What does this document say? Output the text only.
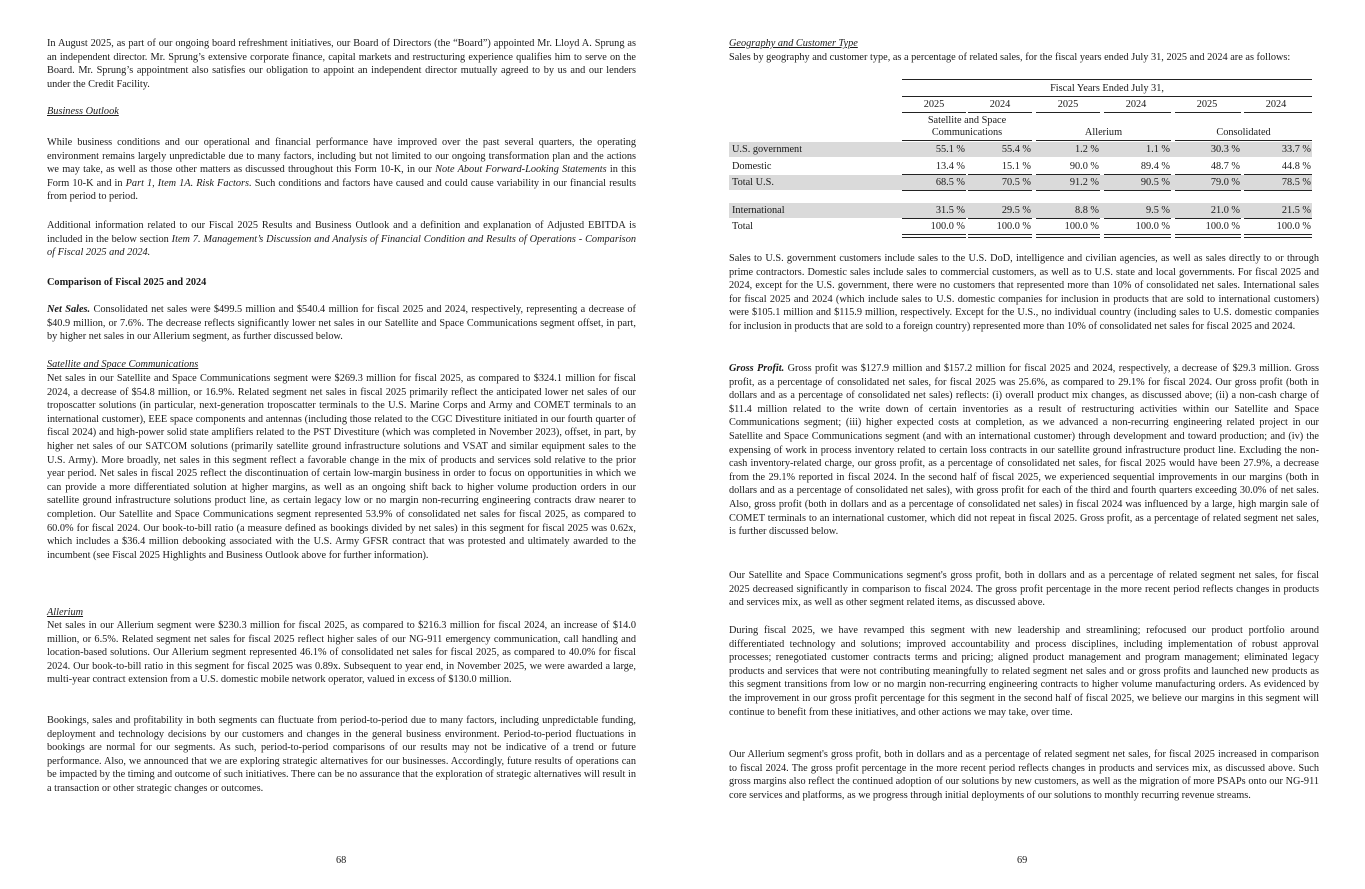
In August 2025, as part of our ongoing board refreshment initiatives, our Board of Directors (the “Board”) appointed Mr. Lloyd A. Sprung as an independent director. Mr. Sprung’s extensive corporate finance, capital markets and restructuring experience qualifies him to serve on the Board. Mr. Sprung’s appointment also satisfies our obligation to appoint an independent director mutually agreed to by us and our lenders under the Credit Facility.

Business Outlook

While business conditions and our operational and financial performance have improved over the past several quarters, the operating environment remains largely unpredictable due to many factors, including but not limited to our ongoing transformation plan and the actions we may take, as well as those other matters as discussed throughout this Form 10-K, in our Note About Forward-Looking Statements in this Form 10-K and in Part 1, Item 1A. Risk Factors. Such conditions and factors have caused and could cause variability in our financial results from period to period.

Additional information related to our Fiscal 2025 Results and Business Outlook and a definition and explanation of Adjusted EBITDA is included in the below section Item 7. Management’s Discussion and Analysis of Financial Condition and Results of Operations - Comparison of Fiscal 2025 and 2024.

Comparison of Fiscal 2025 and 2024

Net Sales. Consolidated net sales were $499.5 million and $540.4 million for fiscal 2025 and 2024, respectively, representing a decrease of $40.9 million, or 7.6%. The decrease reflects significantly lower net sales in our Satellite and Space Communications segment offset, in part, by higher net sales in our Allerium segment, as further discussed below.

Satellite and Space Communications

Net sales in our Satellite and Space Communications segment were $269.3 million for fiscal 2025, as compared to $324.1 million for fiscal 2024, a decrease of $54.8 million, or 16.9%. Related segment net sales in fiscal 2025 primarily reflect the anticipated lower net sales of our troposcatter solutions (in particular, next-generation troposcatter terminals to the U.S. Marine Corps and Army and COMET terminals to an international customer), EEE space components and antennas (including those related to the CGC Divestiture initiated in our fourth quarter of fiscal 2024) and high-power solid state amplifiers related to the PST Divestiture (which was completed in November 2023), offset, in part, by higher net sales of our SATCOM solutions (primarily satellite ground infrastructure solutions and VSAT and similar equipment sales to the U.S. Army). More broadly, net sales in this segment reflect a favorable change in the mix of products and services sold relative to the prior year period. Net sales in fiscal 2025 reflect the discontinuation of certain low-margin business in order to focus on opportunities in which we can provide a more differentiated solution at higher margins, as well as an ongoing shift back to higher volume production orders in our satellite ground infrastructure solutions product line, as certain legacy low or no margin non-recurring engineering contracts draw nearer to completion. Our Satellite and Space Communications segment represented 53.9% of consolidated net sales for fiscal 2025, as compared to 60.0% for fiscal 2024. Our book-to-bill ratio (a measure defined as bookings divided by net sales) in this segment for fiscal 2025 was 0.62x, which includes a $36.4 million debooking associated with the U.S. Army GFSR contract that was protested and ultimately awarded to the incumbent (see Fiscal 2025 Highlights and Business Outlook above for further information).

Allerium

Net sales in our Allerium segment were $230.3 million for fiscal 2025, as compared to $216.3 million for fiscal 2024, an increase of $14.0 million, or 6.5%. Related segment net sales for fiscal 2025 reflect higher sales of our NG-911 emergency communication, call handling and location-based solutions. Our Allerium segment represented 46.1% of consolidated net sales for fiscal 2025, as compared to 40.0% for fiscal 2024. Our book-to-bill ratio in this segment for fiscal 2025 was 0.89x. Subsequent to year end, in November 2025, we were awarded a large, multi-year contract extension from a U.S. domestic mobile network operator, valued in excess of $130.0 million.

Bookings, sales and profitability in both segments can fluctuate from period-to-period due to many factors, including unpredictable funding, deployment and technology decisions by our customers and changes in the general business environment. Period-to-period fluctuations in bookings are normal for our segments. As such, period-to-period comparisons of our results may not be indicative of a trend or future performance. Also, we announced that we are exploring strategic alternatives for our businesses. Accordingly, future results of operations can be impacted by the timing and outcome of such initiatives. There can be no assurance that the exploration of strategic alternatives will result in a transaction or other strategic changes or outcomes.

68

Geography and Customer Type

Sales by geography and customer type, as a percentage of related sales, for the fiscal years ended July 31, 2025 and 2024 are as follows:

Fiscal Years Ended July 31,
2025	2024	2025	2024	2025	2024
Satellite and Space Communications	Allerium	Consolidated
U.S. government	55.1 %	55.4 %	1.2 %	1.1 %	30.3 %	33.7 %
Domestic	13.4 %	15.1 %	90.0 %	89.4 %	48.7 %	44.8 %
Total U.S.	68.5 %	70.5 %	91.2 %	90.5 %	79.0 %	78.5 %
International	31.5 %	29.5 %	8.8 %	9.5 %	21.0 %	21.5 %
Total	100.0 %	100.0 %	100.0 %	100.0 %	100.0 %	100.0 %

Sales to U.S. government customers include sales to the U.S. DoD, intelligence and civilian agencies, as well as sales directly to or through prime contractors. Domestic sales include sales to commercial customers, as well as to U.S. state and local governments. For fiscal 2025 and 2024, except for the U.S. government, there were no customers that represented more than 10% of consolidated net sales. International sales for fiscal 2025 and 2024 (which include sales to U.S. domestic companies for inclusion in products that are sold to international customers) were $105.1 million and $115.9 million, respectively. Except for the U.S., no individual country (including sales to U.S. domestic companies for inclusion in products that are sold to a foreign country) represented more than 10% of consolidated net sales for fiscal 2025 and 2024.

Gross Profit. Gross profit was $127.9 million and $157.2 million for fiscal 2025 and 2024, respectively, a decrease of $29.3 million. Gross profit, as a percentage of consolidated net sales, for fiscal 2025 was 25.6%, as compared to 29.1% for fiscal 2024. Our gross profit (both in dollars and as a percentage of consolidated net sales) reflects: (i) overall product mix changes, as discussed above; (ii) a non-cash charge of $11.4 million related to the write down of certain inventories as a result of restructuring activities within our Satellite and Space Communications segment; (iii) higher expected costs at completion, as we advanced a non-recurring engineering related project in our Satellite and Space Communications segment (and with an international customer) through development and toward production; and (iv) the expensing of work in process inventory related to certain loss contracts in our satellite ground infrastructure product line. Excluding the non-cash inventory-related charge, our gross profit, as a percentage of consolidated net sales, for fiscal 2025 would have been 27.9%, a decrease from the 29.1% reported in fiscal 2024. In the second half of fiscal 2025, we experienced sequential improvements in our margins (both in dollars and as a percentage of consolidated net sales), with gross profit for each of the third and fourth quarters exceeding 30.0% of net sales. Also, gross profit (both in dollars and as a percentage of consolidated net sales) in fiscal 2024 was influenced by a large, high margin sale of COMET terminals to an international customer, which did not repeat in fiscal 2025. Gross profit, as a percentage of related segment net sales, is further discussed below.

Our Satellite and Space Communications segment's gross profit, both in dollars and as a percentage of related segment net sales, for fiscal 2025 decreased significantly in comparison to fiscal 2024. The gross profit percentage in the more recent period reflects changes in products and services mix, as well as other segment related items, as discussed above.

During fiscal 2025, we have revamped this segment with new leadership and streamlining; refocused our product portfolio around differentiated technology and solutions; improved accountability and process disciplines, including implementation of robust approval processes; renegotiated customer contracts terms and pricing; aligned product management and program management; eliminated legacy products and services that were not contributing meaningfully to related segment net sales and or gross profits and launched new products as this segment transitions from low or no margin non-recurring engineering contracts to higher volume manufacturing orders. As evidenced by the improvement in our gross profit percentage for this segment in the second half of fiscal 2025, we believe our margins in this segment will continue to benefit from these initiatives, and other actions we may take, over time.

Our Allerium segment's gross profit, both in dollars and as a percentage of related segment net sales, for fiscal 2025 increased in comparison to fiscal 2024. The gross profit percentage in the more recent period reflects changes in products and services mix, as discussed above. Such gross margins also reflect the continued adoption of our solutions by new customers, as well as the migration of more PSAPs onto our NG-911 core services and platforms, as we progress through initial deployments of our solutions to monthly recurring revenue streams.

69
